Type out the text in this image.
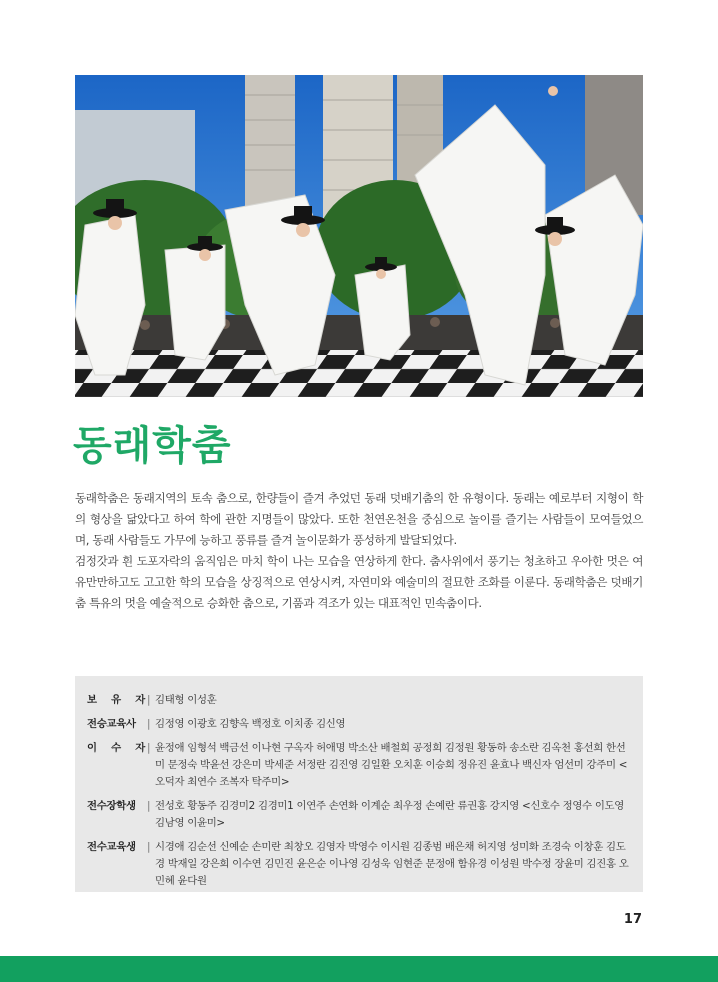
동래학춤

동래학춤은 동래지역의 토속 춤으로, 한량들이 즐겨 추었던 동래 덧배기춤의 한 유형이다. 동래는 예로부터 지형이 학의 형상을 닮았다고 하여 학에 관한 지명들이 많았다. 또한 천연온천을 중심으로 놀이를 즐기는 사람들이 모여들었으며, 동래 사람들도 가무에 능하고 풍류를 즐겨 놀이문화가 풍성하게 발달되었다.

검정갓과 흰 도포자락의 움직임은 마치 학이 나는 모습을 연상하게 한다. 춤사위에서 풍기는 청초하고 우아한 멋은 여유만만하고도 고고한 학의 모습을 상징적으로 연상시켜, 자연미와 예술미의 절묘한 조화를 이룬다. 동래학춤은 덧배기춤 특유의 멋을 예술적으로 승화한 춤으로, 기품과 격조가 있는 대표적인 민속춤이다.

보 유 자 | 김태형 이성훈
전승교육사	| 김정영 이광호 김향옥 백정호 이치종 김신영
이 수 자 | 윤정애 임형석 백금선 이나현 구옥자 허애명 박소산 배철희 공정희 김정원 황동하 송소란 김옥천 홍선희 한선미 문정숙 박윤선 강은미 박세준 서정란 김진영 김일환 오치훈 이승희 정유진 윤효나 백신자 엄선미 강주미 <오덕자 최연수 조복자 탁주미>
전수장학생	| 전성호 황동주 김경미2 김경미1 이연주 손연화 이계순 최우정 손예란 류권홍 강지영 <신호수 정영수 이도영 김남영 이윤미>
전수교육생	| 시경애 김순선 신예순 손미란 최창오 김영자 박영수 이시원 김종범 배은채 허지영 성미화 조경숙 이창훈 김도경 박재일 강은희 이수연 김민진 윤은순 이나영 김성욱 임현준 문정애 함유경 이성원 박수정 장윤미 김진홍 오민혜 윤다원
17
